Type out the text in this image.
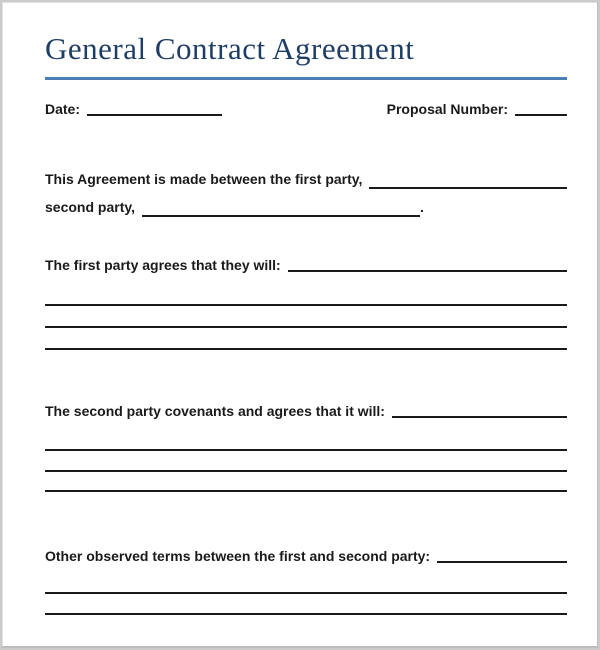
General Contract Agreement
Date:	Proposal Number:
This Agreement is made between the first party,
second party,	.
The first party agrees that they will:
The second party covenants and agrees that it will:
Other observed terms between the first and second party:
